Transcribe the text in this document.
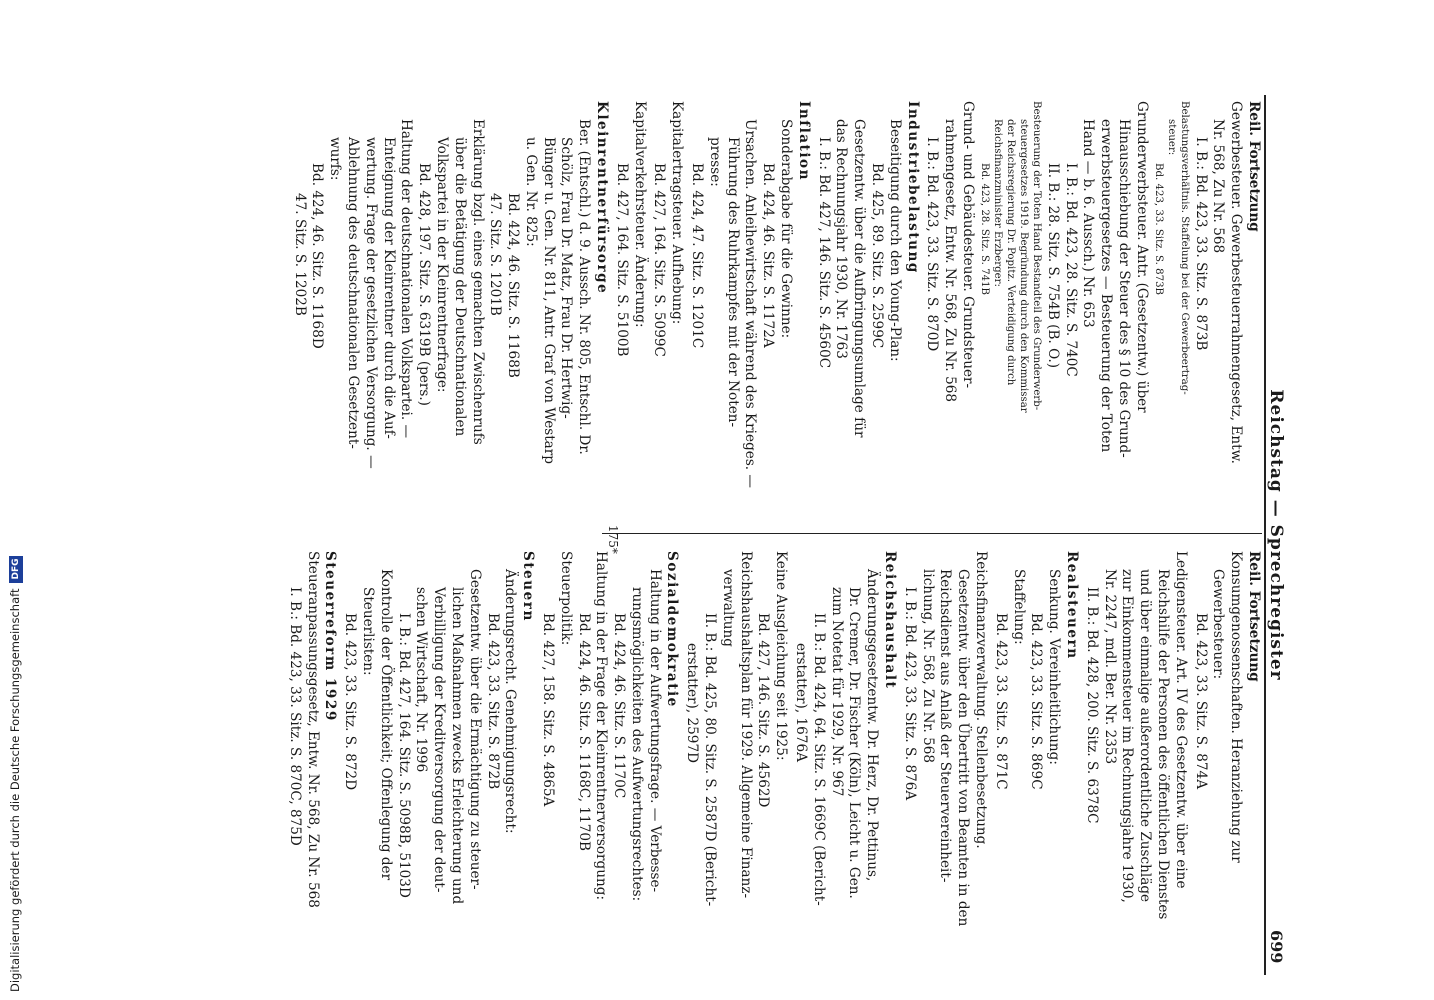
Reichstag — Sprechregister
699
Reil. Fortsetzung
Gewerbesteuer. Gewerbesteuerrahmengesetz, Entw.
Nr. 568, Zu Nr. 568
I. B.: Bd. 423, 33. Sitz. S. 873B
Belastungsverhältnis. Staffelung bei der Gewerbeertrag-
steuer:
Bd. 423, 33. Sitz. S. 873B
Grunderwerbsteuer. Antr. (Gesetzentw.) über
Hinausschiebung der Steuer des § 10 des Grund-
erwerbsteuergesetzes — Besteuerung der Toten
Hand — b. 6. Aussch.) Nr. 653
I. B.: Bd. 423, 28. Sitz. S. 740C
II. B.: 28. Sitz. S. 754B (B. O.)
Besteuerung der Toten Hand Bestandteil des Grunderwerb-
steuergesetzes 1919. Begründung durch den Kommissar
der Reichsregierung Dr. Popitz. Verteidigung durch
Reichsfinanzminister Erzberger:
Bd. 423, 28. Sitz. S. 741B
Grund- und Gebäudesteuer. Grundsteuer-
rahmengesetz, Entw. Nr. 568, Zu Nr. 568
I. B.: Bd. 423, 33. Sitz. S. 870D
Industriebelastung
Beseitigung durch den Young-Plan:
Bd. 425, 89. Sitz. S. 2599C
Gesetzentw. über die Aufbringungsumlage für
das Rechnungsjahr 1930, Nr. 1763
I. B.: Bd. 427, 146. Sitz. S. 4560C
Inflation
Sonderabgabe für die Gewinne:
Bd. 424, 46. Sitz. S. 1172A
Ursachen. Anleihewirtschaft während des Krieges. —
Führung des Ruhrkampfes mit der Noten-
presse:
Bd. 424, 47. Sitz. S. 1201C
Kapitalertragsteuer. Aufhebung:
Bd. 427, 164. Sitz. S. 5099C
Kapitalverkehrsteuer. Änderung:
Bd. 427, 164. Sitz. S. 5100B
Kleinrentnerfürsorge
Ber. (Entschl.) d. 9. Aussch. Nr. 805, Entschl. Dr.
Schölz, Frau Dr. Matz, Frau Dr. Hertwig-
Bünger u. Gen. Nr. 811, Antr. Graf von Westarp
u. Gen. Nr. 825:
Bd. 424, 46. Sitz. S. 1168B
47. Sitz. S. 1201B
Erklärung bzgl. eines gemachten Zwischenrufs
über die Betätigung der Deutschnationalen
Volkspartei in der Kleinrentnerfrage:
Bd. 428, 197. Sitz. S. 6319B (pers.)
Haltung der deutschnationalen Volkspartei. —
Enteignung der Kleinrentner durch die Auf-
wertung. Frage der gesetzlichen Versorgung. —
Ablehnung des deutschnationalen Gesetzent-
wurfs:
Bd. 424, 46. Sitz. S. 1168D
47. Sitz. S. 1202B
Reil. Fortsetzung
Konsumgenossenschaften. Heranziehung zur
Gewerbesteuer:
Bd. 423, 33. Sitz. S. 874A
Ledigensteuer. Art. IV des Gesetzentw. über eine
Reichshilfe der Personen des öffentlichen Dienstes
und über einmalige außerordentliche Zuschläge
zur Einkommensteuer im Rechnungsjahre 1930,
Nr. 2247, mdl. Ber. Nr. 2353
II. B.: Bd. 428, 200. Sitz. S. 6378C
Realsteuern
Senkung. Vereinheitlichung:
Bd. 423, 33. Sitz. S. 869C
Staffelung:
Bd. 423, 33. Sitz. S. 871C
Reichsfinanzverwaltung. Stellenbesetzung.
Gesetzentw. über den Übertritt von Beamten in den
Reichsdienst aus Anlaß der Steuervereinheit-
lichung, Nr. 568, Zu Nr. 568
I. B.: Bd. 423, 33. Sitz. S. 876A
Reichshaushalt
Änderungsgesetzentw. Dr. Herz, Dr. Pettinus,
Dr. Cremer, Dr. Fischer (Köln), Leicht u. Gen.
zum Notetat für 1929, Nr. 967
II. B.: Bd. 424, 64. Sitz. S. 1669C (Bericht-
erstatter), 1676A
Keine Ausgleichung seit 1925:
Bd. 427, 146. Sitz. S. 4562D
Reichshaushaltsplan für 1929. Allgemeine Finanz-
verwaltung
II. B.: Bd. 425, 80. Sitz. S. 2587D (Bericht-
erstatter), 2597D
Sozialdemokratie
Haltung in der Aufwertungsfrage. — Verbesse-
rungsmöglichkeiten des Aufwertungsrechtes:
Bd. 424, 46. Sitz. S. 1170C
Haltung in der Frage der Kleinrentnerversorgung:
Bd. 424, 46. Sitz. S. 1168C, 1170B
Steuerpolitik:
Bd. 427, 158. Sitz. S. 4865A
Steuern
Änderungsrecht. Genehmigungsrecht:
Bd. 423, 33. Sitz. S. 872B
Gesetzentw. über die Ermächtigung zu steuer-
lichen Maßnahmen zwecks Erleichterung und
Verbilligung der Kreditversorgung der deut-
schen Wirtschaft, Nr. 1996
I. B.: Bd. 427, 164. Sitz. S. 5098B, 5103D
Kontrolle der Öffentlichkeit; Offenlegung der
Steuerlisten:
Bd. 423, 33. Sitz. S. 872D
Steuerreform 1929
Steueranpassungsgesetz, Entw. Nr. 568, Zu Nr. 568
I. B.: Bd. 423, 33. Sitz. S. 870C, 875D
175*
Digitalisierung gefördert durch die Deutsche ForschungsgemeinschaftDFG
